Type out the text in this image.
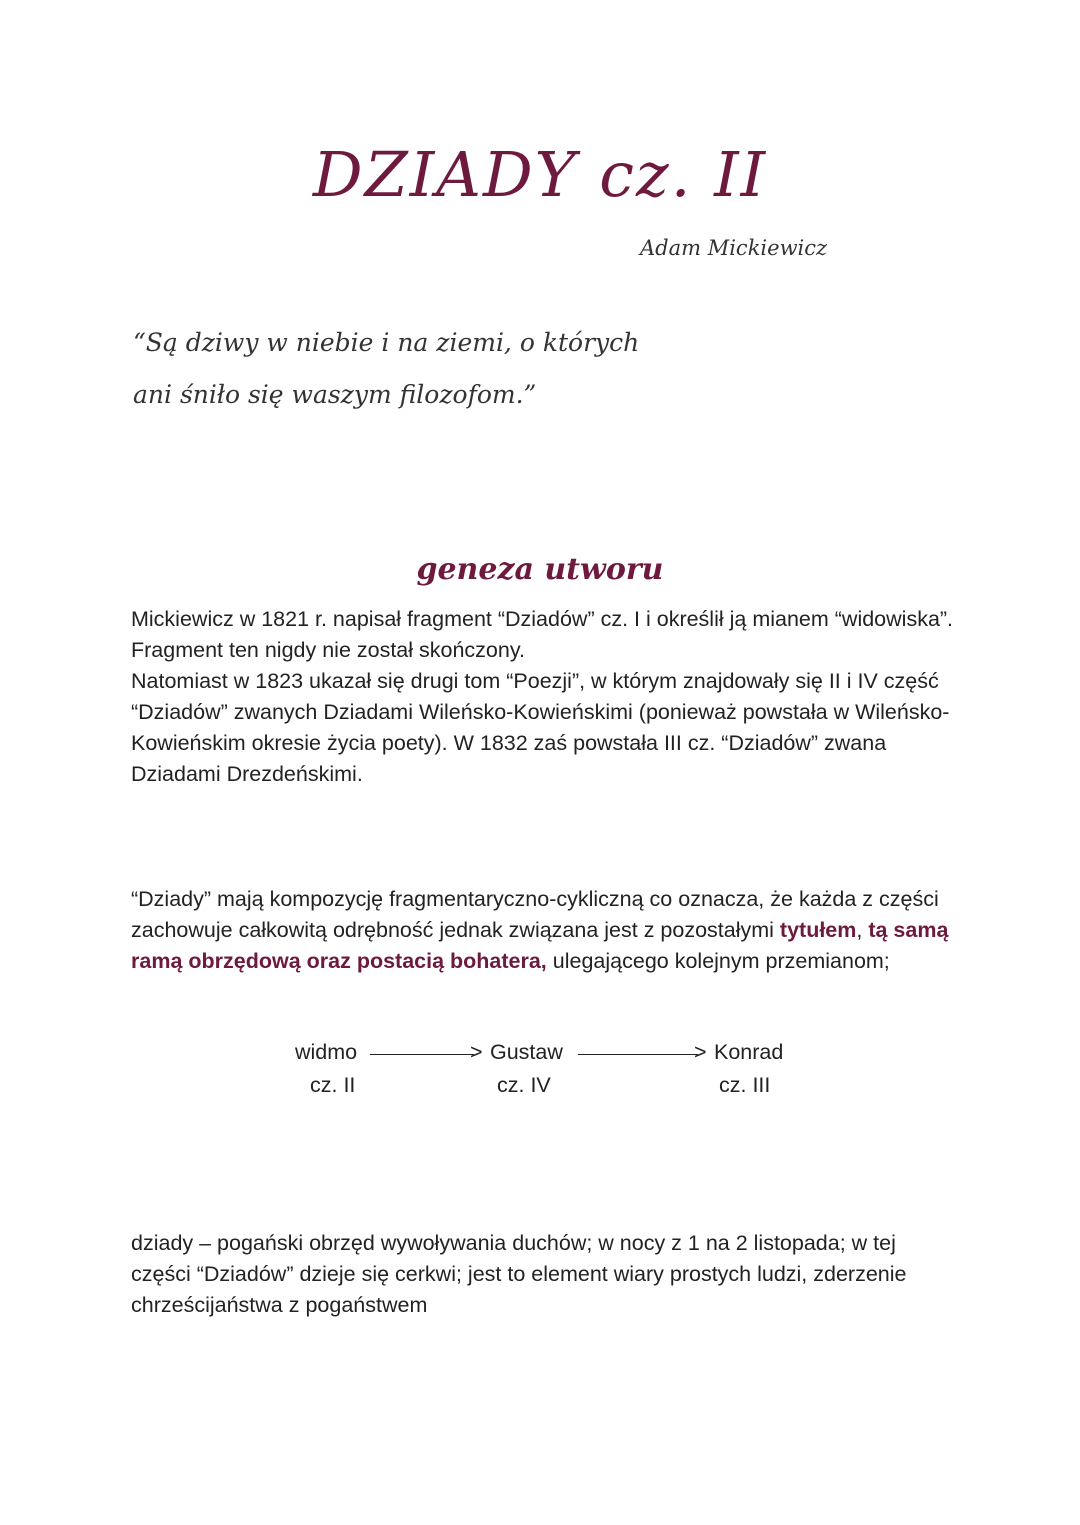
DZIADY cz. II
Adam Mickiewicz
“Są dziwy w niebie i na ziemi, o których
ani śniło się waszym filozofom.”
geneza utworu

Mickiewicz w 1821 r. napisał fragment “Dziadów” cz. I i określił ją mianem “widowiska”. Fragment ten nigdy nie został skończony.

Natomiast w 1823 ukazał się drugi tom “Poezji”, w którym znajdowały się II i IV część “Dziadów” zwanych Dziadami Wileńsko-Kowieńskimi (ponieważ powstała w Wileńsko-Kowieńskim okresie życia poety). W 1832 zaś powstała III cz. “Dziadów” zwana Dziadami Drezdeńskimi.

“Dziady” mają kompozycję fragmentaryczno-cykliczną co oznacza, że każda z części zachowuje całkowitą odrębność jednak związana jest z pozostałymi tytułem, tą samą ramą obrzędową oraz postacią bohatera, ulegającego kolejnym przemianom;

widmo
cz. II
> Gustaw
cz. IV
> Konrad
cz. III

dziady – pogański obrzęd wywoływania duchów; w nocy z 1 na 2 listopada; w tej części “Dziadów” dzieje się cerkwi; jest to element wiary prostych ludzi, zderzenie chrześcijaństwa z pogaństwem
